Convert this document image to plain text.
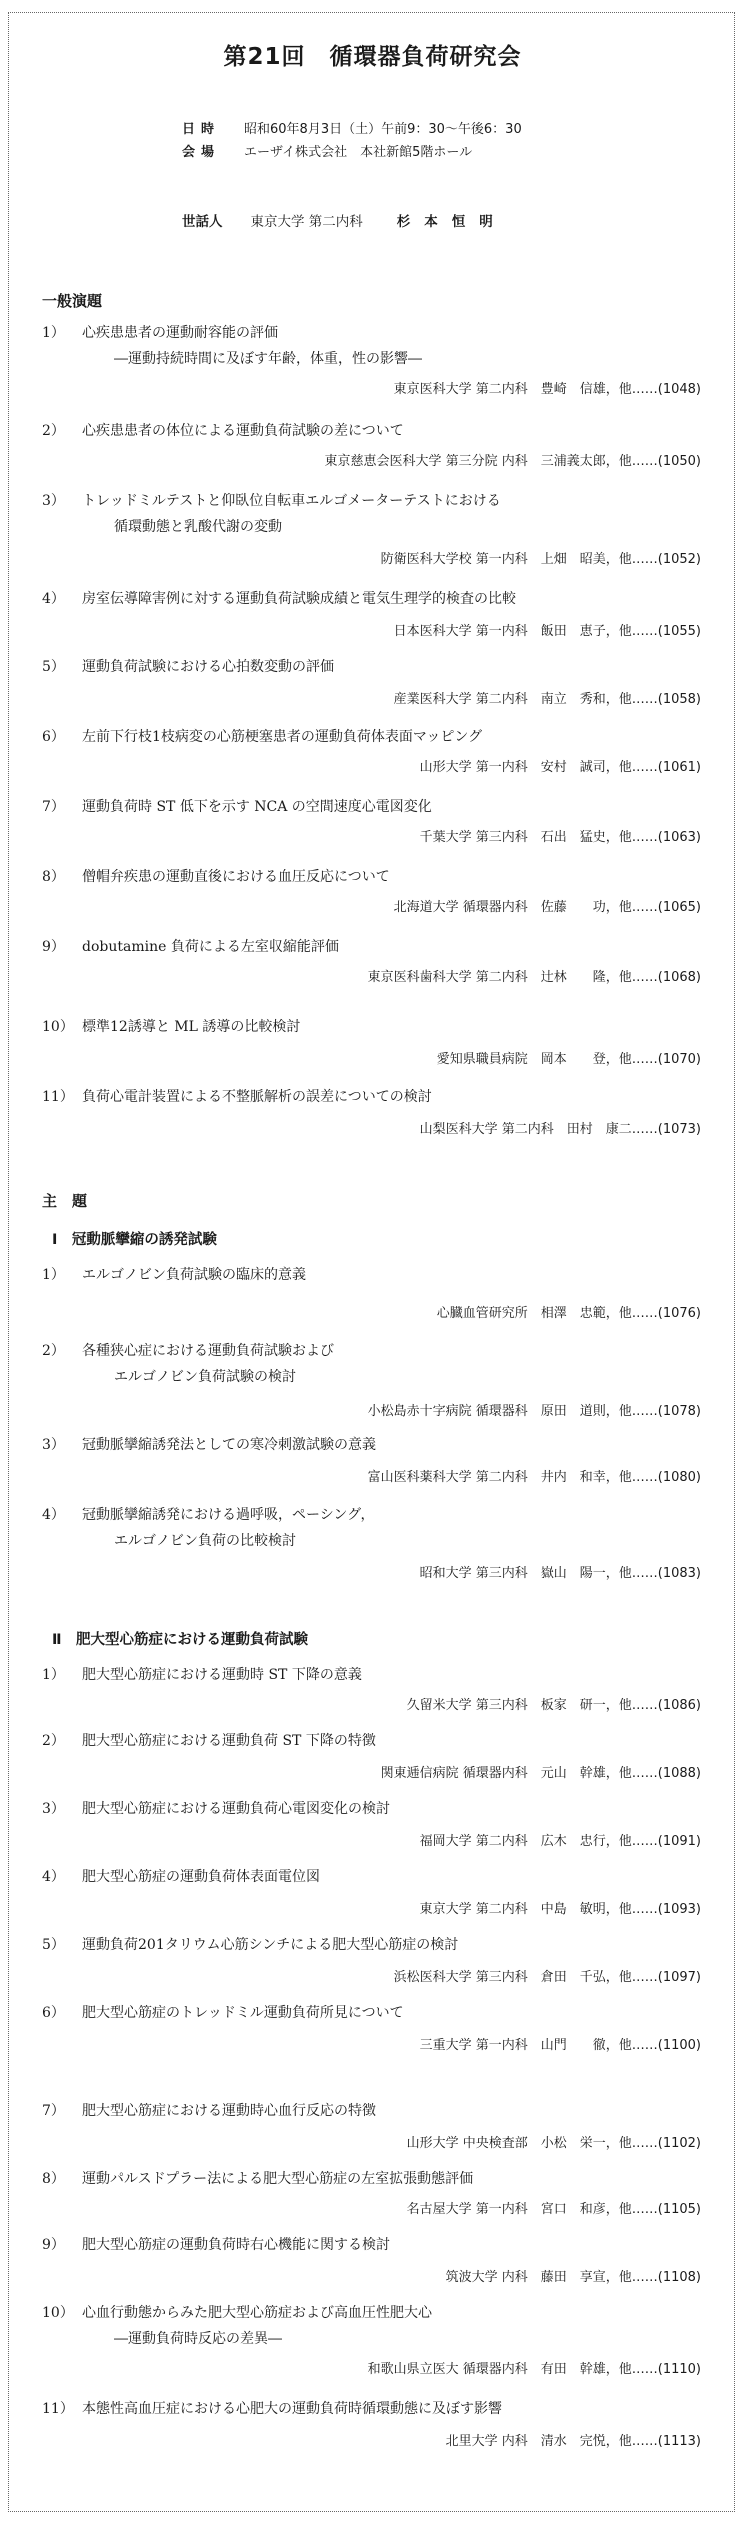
第21回　循環器負荷研究会
日時 昭和60年8月3日（土）午前9：30〜午後6：30
会場 エーザイ株式会社　本社新館5階ホール
世話人 東京大学 第二内科	杉本恒明
一般演題
1）	心疾患患者の運動耐容能の評価
―運動持続時間に及ぼす年齢，体重，性の影響―
東京医科大学 第二内科　豊崎　信雄，他……(1048)
2）	心疾患患者の体位による運動負荷試験の差について
東京慈恵会医科大学 第三分院 内科　三浦義太郎，他……(1050)
3）	トレッドミルテストと仰臥位自転車エルゴメーターテストにおける
循環動態と乳酸代謝の変動
防衛医科大学校 第一内科　上畑　昭美，他……(1052)
4）	房室伝導障害例に対する運動負荷試験成績と電気生理学的検査の比較
日本医科大学 第一内科　飯田　恵子，他……(1055)
5）	運動負荷試験における心拍数変動の評価
産業医科大学 第二内科　南立　秀和，他……(1058)
6）	左前下行枝1枝病変の心筋梗塞患者の運動負荷体表面マッピング
山形大学 第一内科　安村　誠司，他……(1061)
7）	運動負荷時 ST 低下を示す NCA の空間速度心電図変化
千葉大学 第三内科　石出　猛史，他……(1063)
8）	僧帽弁疾患の運動直後における血圧反応について
北海道大学 循環器内科　佐藤　　功，他……(1065)
9）	dobutamine 負荷による左室収縮能評価
東京医科歯科大学 第二内科　辻林　　隆，他……(1068)
10） 標準12誘導と ML 誘導の比較検討
愛知県職員病院　岡本　　登，他……(1070)
11） 負荷心電計装置による不整脈解析の誤差についての検討
山梨医科大学 第二内科　田村　康二……(1073)
主　題
Ⅰ　冠動脈攣縮の誘発試験
1）	エルゴノビン負荷試験の臨床的意義
心臓血管研究所　相澤　忠範，他……(1076)
2）	各種狭心症における運動負荷試験および
エルゴノビン負荷試験の検討
小松島赤十字病院 循環器科　原田　道則，他……(1078)
3）	冠動脈攣縮誘発法としての寒冷刺激試験の意義
富山医科薬科大学 第二内科　井内　和幸，他……(1080)
4）	冠動脈攣縮誘発における過呼吸，ペーシング，
エルゴノビン負荷の比較検討
昭和大学 第三内科　嶽山　陽一，他……(1083)
Ⅱ　肥大型心筋症における運動負荷試験
1）	肥大型心筋症における運動時 ST 下降の意義
久留米大学 第三内科　板家　研一，他……(1086)
2）	肥大型心筋症における運動負荷 ST 下降の特徴
関東逓信病院 循環器内科　元山　幹雄，他……(1088)
3）	肥大型心筋症における運動負荷心電図変化の検討
福岡大学 第二内科　広木　忠行，他……(1091)
4）	肥大型心筋症の運動負荷体表面電位図
東京大学 第二内科　中島　敏明，他……(1093)
5）	運動負荷201タリウム心筋シンチによる肥大型心筋症の検討
浜松医科大学 第三内科　倉田　千弘，他……(1097)
6）	肥大型心筋症のトレッドミル運動負荷所見について
三重大学 第一内科　山門　　徹，他……(1100)
7）	肥大型心筋症における運動時心血行反応の特徴
山形大学 中央検査部　小松　栄一，他……(1102)
8）	運動パルスドプラー法による肥大型心筋症の左室拡張動態評価
名古屋大学 第一内科　宮口　和彦，他……(1105)
9）	肥大型心筋症の運動負荷時右心機能に関する検討
筑波大学 内科　藤田　享宣，他……(1108)
10） 心血行動態からみた肥大型心筋症および高血圧性肥大心
―運動負荷時反応の差異―
和歌山県立医大 循環器内科　有田　幹雄，他……(1110)
11） 本態性高血圧症における心肥大の運動負荷時循環動態に及ぼす影響
北里大学 内科　清水　完悦，他……(1113)
